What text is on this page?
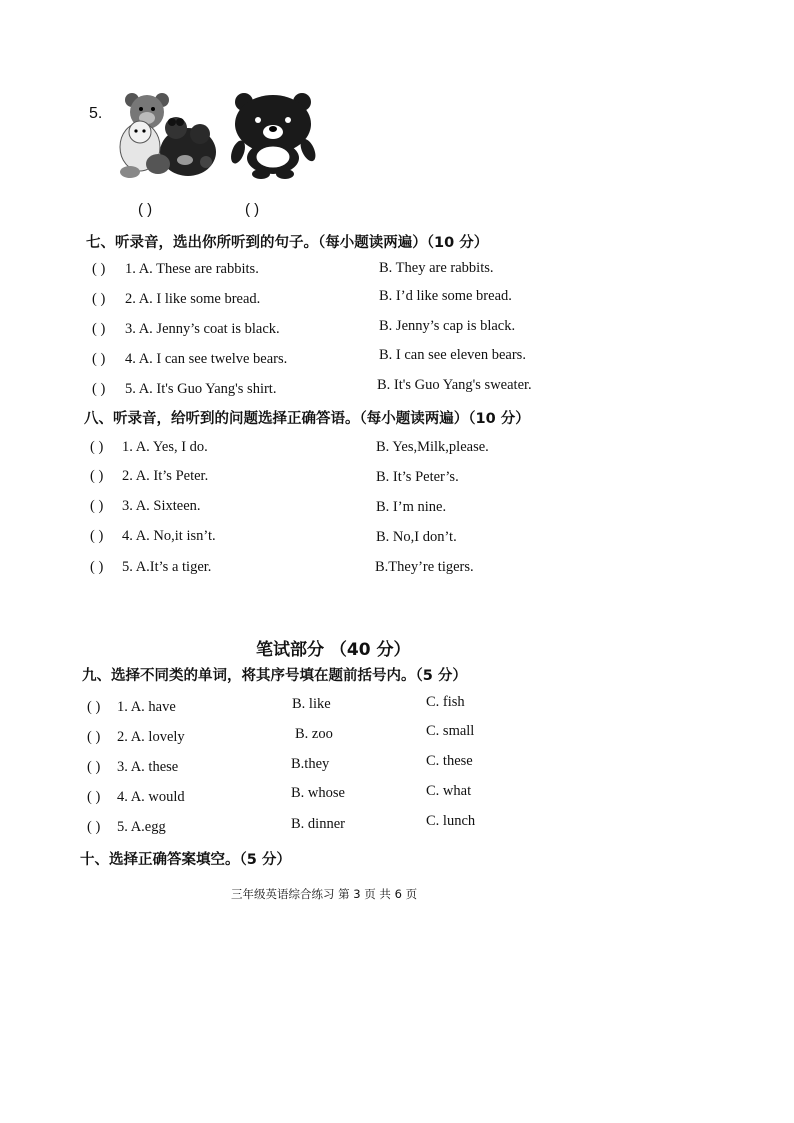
5.
( )	( )
七、听录音，选出你所听到的句子。（每小题读两遍）（10 分）
( ) 1. A. These are rabbits.	B. They are rabbits.
( ) 2. A. I like some bread.	B. I’d like some bread.
( ) 3. A. Jenny’s coat is black.	B. Jenny’s cap is black.
( ) 4. A. I can see twelve bears.	B. I can see eleven bears.
( ) 5. A. It's Guo Yang's shirt.	B. It's Guo Yang's sweater.
八、听录音，给听到的问题选择正确答语。（每小题读两遍）（10 分）
( ) 1. A. Yes, I do.	B. Yes,Milk,please.
( ) 2. A. It’s Peter.	B. It’s Peter’s.
( ) 3. A. Sixteen.	B. I’m nine.
( ) 4. A. No,it isn’t.	B. No,I don’t.
( ) 5. A.It’s a tiger.	B.They’re tigers.
笔试部分 （40 分）
九、选择不同类的单词，将其序号填在题前括号内。（5 分）
( ) 1. A. have	B. like	C. fish
( ) 2. A. lovely	B. zoo	C. small
( ) 3. A. these	B.they	C. these
( ) 4. A. would	B. whose	C. what
( ) 5. A.egg	B. dinner	C. lunch
十、选择正确答案填空。（5 分）
三年级英语综合练习 第 3 页 共 6 页
